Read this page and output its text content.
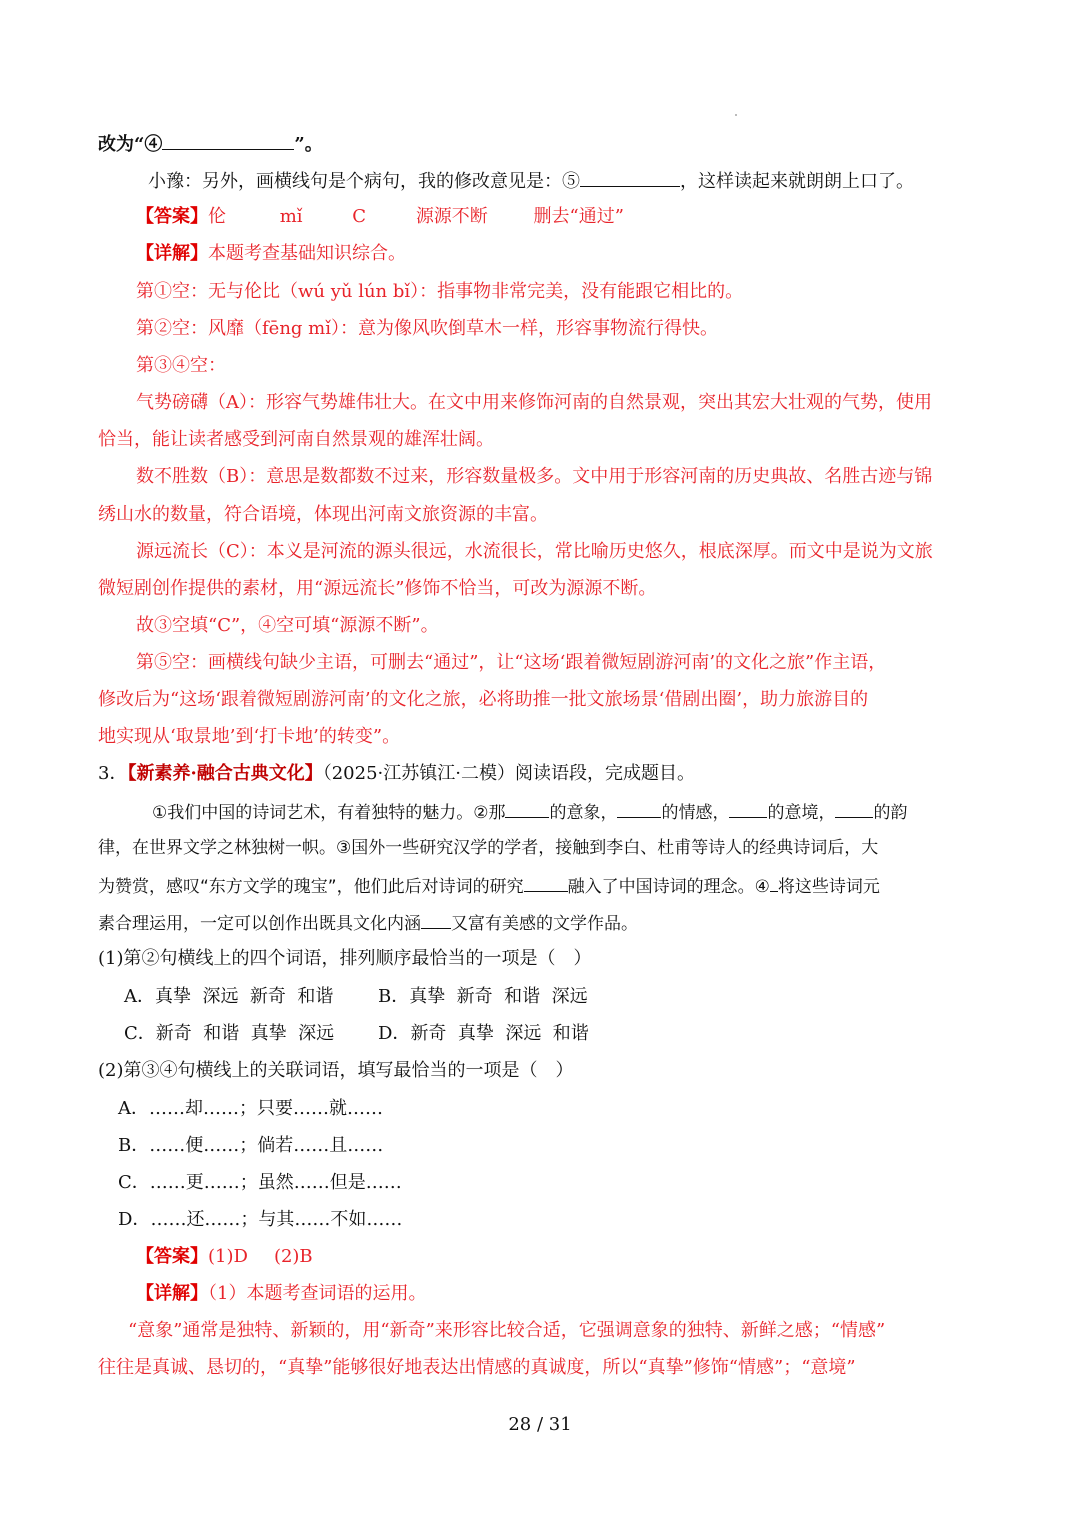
改为“④	”。
小豫：另外，画横线句是个病句，我的修改意见是：⑤	，这样读起来就朗朗上口了。
【答案】伦	mǐ	C	源源不断	删去“通过”
【详解】本题考查基础知识综合。
第①空：无与伦比（wú yǔ lún bǐ）：指事物非常完美，没有能跟它相比的。
第②空：风靡（fēng mǐ）：意为像风吹倒草木一样，形容事物流行得快。
第③④空：
气势磅礴（A）：形容气势雄伟壮大。在文中用来修饰河南的自然景观，突出其宏大壮观的气势，使用
恰当，能让读者感受到河南自然景观的雄浑壮阔。
数不胜数（B）：意思是数都数不过来，形容数量极多。文中用于形容河南的历史典故、名胜古迹与锦
绣山水的数量，符合语境，体现出河南文旅资源的丰富。
源远流长（C）：本义是河流的源头很远，水流很长，常比喻历史悠久，根底深厚。而文中是说为文旅
微短剧创作提供的素材，用“源远流长”修饰不恰当，可改为源源不断。
故③空填“C”，④空可填“源源不断”。
第⑤空：画横线句缺少主语，可删去“通过”，让“这场‘跟着微短剧游河南’的文化之旅”作主语，
修改后为“这场‘跟着微短剧游河南’的文化之旅，必将助推一批文旅场景‘借剧出圈’，助力旅游目的
地实现从‘取景地’到‘打卡地’的转变”。
3．【新素养·融合古典文化】（2025·江苏镇江·二模）阅读语段，完成题目。
①我们中国的诗词艺术，有着独特的魅力。②那	的意象，	的情感， 的意境， 的韵
律，在世界文学之林独树一帜。③国外一些研究汉学的学者，接触到李白、杜甫等诗人的经典诗词后，大
为赞赏，感叹“东方文学的瑰宝”，他们此后对诗词的研究	融入了中国诗词的理念。④ 将这些诗词元
素合理运用，一定可以创作出既具文化内涵 又富有美感的文学作品。
(1)第②句横线上的四个词语，排列顺序最恰当的一项是（　）
A．真挚  深远  新奇  和谐 B．真挚  新奇  和谐  深远
C．新奇  和谐  真挚  深远 D．新奇  真挚  深远  和谐
(2)第③④句横线上的关联词语，填写最恰当的一项是（　）
A．……却……；只要……就……
B．……便……；倘若……且……
C．……更……；虽然……但是……
D．……还……；与其……不如……
【答案】(1)D (2)B
【详解】（1）本题考查词语的运用。
“意象”通常是独特、新颖的，用“新奇”来形容比较合适，它强调意象的独特、新鲜之感；“情感”
往往是真诚、恳切的，“真挚”能够很好地表达出情感的真诚度，所以“真挚”修饰“情感”；“意境”
28 / 31
